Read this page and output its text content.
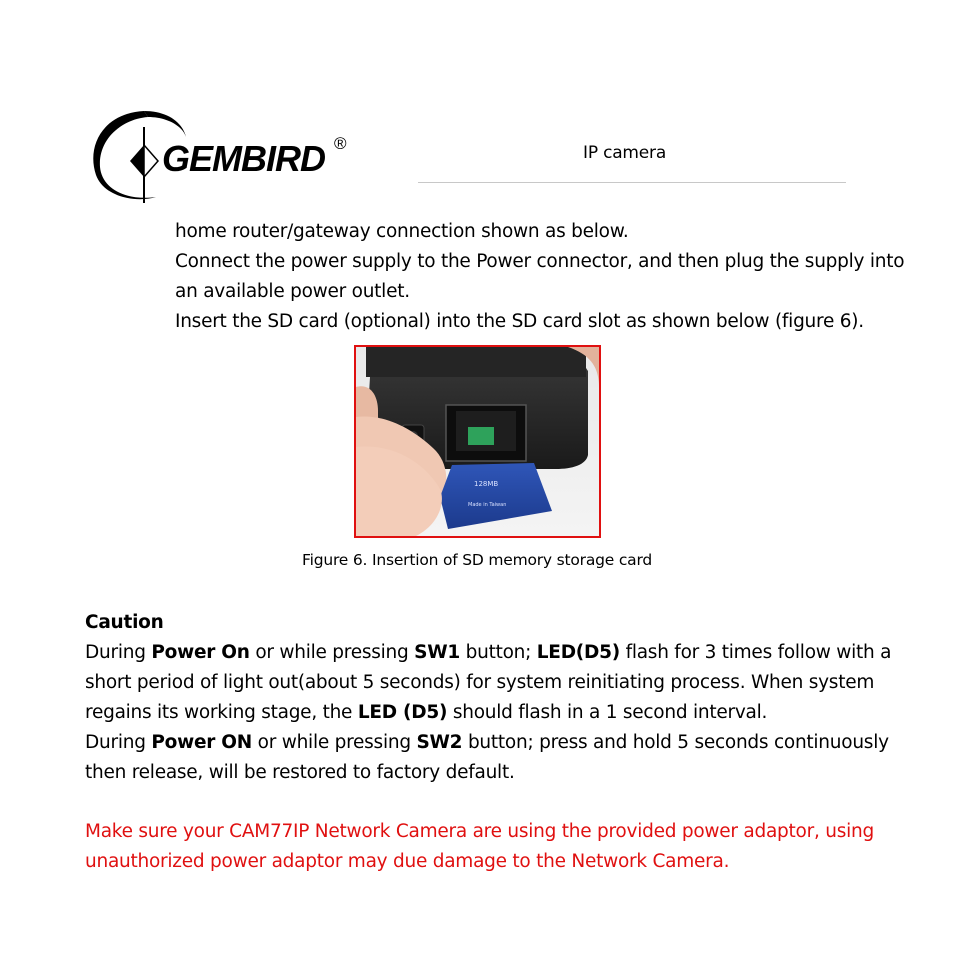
GEMBIRD ®	IP camera

home router/gateway connection shown as below.

Connect the power supply to the Power connector, and then plug the supply into

an available power outlet.

Insert the SD card (optional) into the SD card slot as shown below (figure 6).

128MB
Made in Taiwan
Figure 6. Insertion of SD memory storage card

Caution

During Power On or while pressing SW1 button; LED(D5) flash for 3 times follow with a

short period of light out(about 5 seconds) for system reinitiating process. When system

regains its working stage, the LED (D5) should flash in a 1 second interval.

During Power ON or while pressing SW2 button; press and hold 5 seconds continuously

then release, will be restored to factory default.

Make sure your CAM77IP Network Camera are using the provided power adaptor, using

unauthorized power adaptor may due damage to the Network Camera.
